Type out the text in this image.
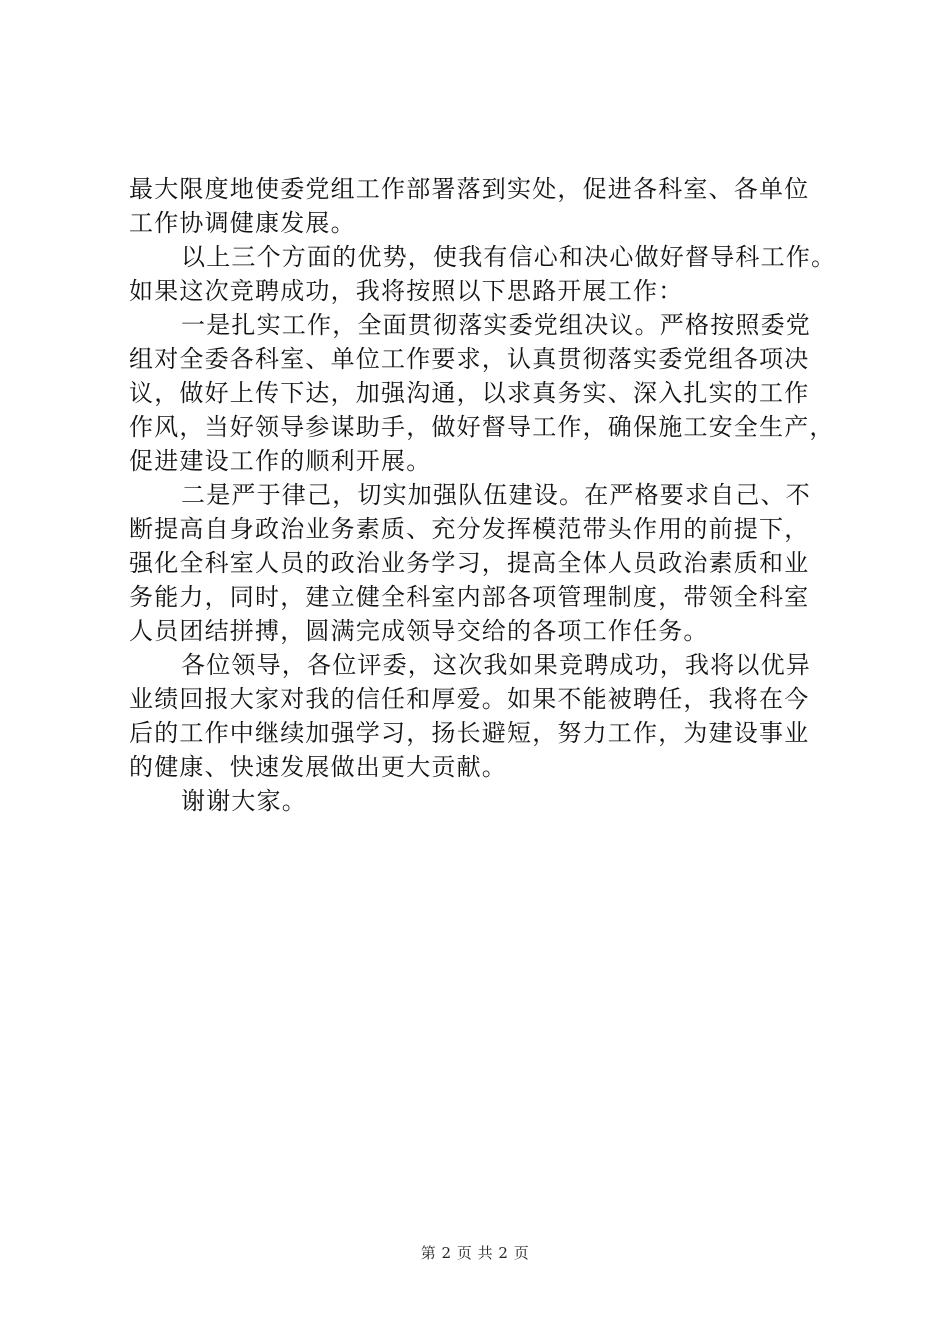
最大限度地使委党组工作部署落到实处，促进各科室、各单位
工作协调健康发展。
以上三个方面的优势，使我有信心和决心做好督导科工作。
如果这次竞聘成功，我将按照以下思路开展工作：
一是扎实工作，全面贯彻落实委党组决议。严格按照委党
组对全委各科室、单位工作要求，认真贯彻落实委党组各项决
议，做好上传下达，加强沟通，以求真务实、深入扎实的工作
作风，当好领导参谋助手，做好督导工作，确保施工安全生产，
促进建设工作的顺利开展。
二是严于律己，切实加强队伍建设。在严格要求自己、不
断提高自身政治业务素质、充分发挥模范带头作用的前提下，
强化全科室人员的政治业务学习，提高全体人员政治素质和业
务能力，同时，建立健全科室内部各项管理制度，带领全科室
人员团结拼搏，圆满完成领导交给的各项工作任务。
各位领导，各位评委，这次我如果竞聘成功，我将以优异
业绩回报大家对我的信任和厚爱。如果不能被聘任，我将在今
后的工作中继续加强学习，扬长避短，努力工作，为建设事业
的健康、快速发展做出更大贡献。
谢谢大家。
第 2 页 共 2 页
